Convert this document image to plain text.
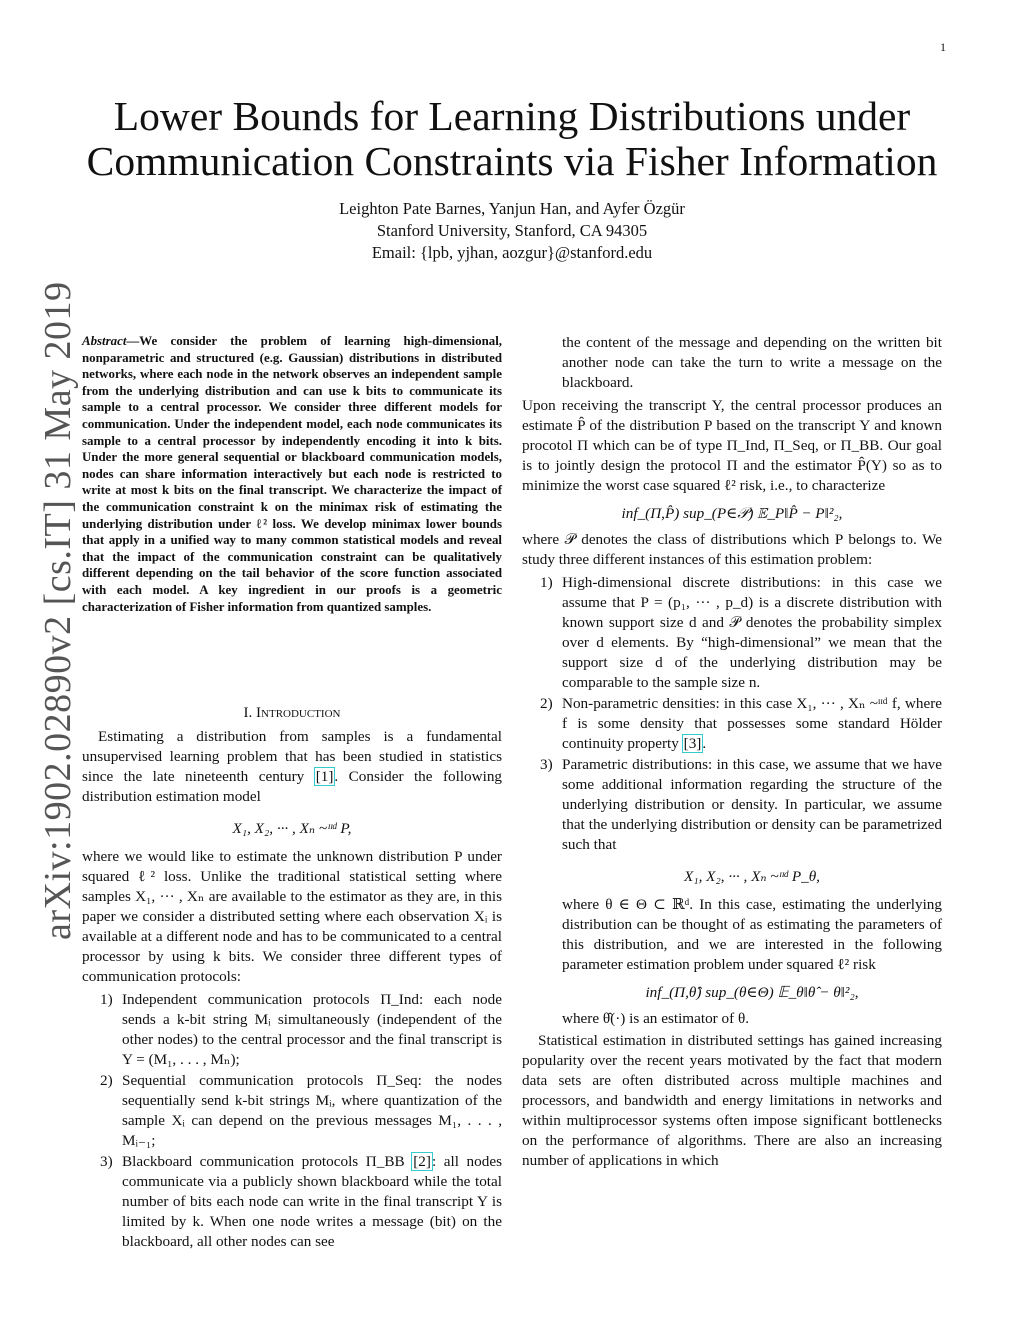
1
arXiv:1902.02890v2 [cs.IT] 31 May 2019
Lower Bounds for Learning Distributions under
Communication Constraints via Fisher Information
Leighton Pate Barnes, Yanjun Han, and Ayfer Özgür
Stanford University, Stanford, CA 94305
Email: {lpb, yjhan, aozgur}@stanford.edu
Abstract—We consider the problem of learning high-dimensional, nonparametric and structured (e.g. Gaussian) distributions in distributed networks, where each node in the network observes an independent sample from the underlying distribution and can use k bits to communicate its sample to a central processor. We consider three different models for communication. Under the independent model, each node communicates its sample to a central processor by independently encoding it into k bits. Under the more general sequential or blackboard communication models, nodes can share information interactively but each node is restricted to write at most k bits on the final transcript. We characterize the impact of the communication constraint k on the minimax risk of estimating the underlying distribution under ℓ² loss. We develop minimax lower bounds that apply in a unified way to many common statistical models and reveal that the impact of the communication constraint can be qualitatively different depending on the tail behavior of the score function associated with each model. A key ingredient in our proofs is a geometric characterization of Fisher information from quantized samples.
I. Introduction

Estimating a distribution from samples is a fundamental unsupervised learning problem that has been studied in statistics since the late nineteenth century [1]. Consider the following distribution estimation model

X₁, X₂, ··· , Xₙ ~ᶦᶦᵈ P,

where we would like to estimate the unknown distribution P under squared ℓ² loss. Unlike the traditional statistical setting where samples X₁, ··· , Xₙ are available to the estimator as they are, in this paper we consider a distributed setting where each observation Xᵢ is available at a different node and has to be communicated to a central processor by using k bits. We consider three different types of communication protocols:

1) Independent communication protocols Π_Ind: each node sends a k-bit string Mᵢ simultaneously (independent of the other nodes) to the central processor and the final transcript is Y = (M₁, . . . , Mₙ);
2) Sequential communication protocols Π_Seq: the nodes sequentially send k-bit strings Mᵢ, where quantization of the sample Xᵢ can depend on the previous messages M₁, . . . , Mᵢ₋₁;
3) Blackboard communication protocols Π_BB [2]: all nodes communicate via a publicly shown blackboard while the total number of bits each node can write in the final transcript Y is limited by k. When one node writes a message (bit) on the blackboard, all other nodes can see

the content of the message and depending on the written bit another node can take the turn to write a message on the blackboard.

Upon receiving the transcript Y, the central processor produces an estimate P̂ of the distribution P based on the transcript Y and known procotol Π which can be of type Π_Ind, Π_Seq, or Π_BB. Our goal is to jointly design the protocol Π and the estimator P̂(Y) so as to minimize the worst case squared ℓ² risk, i.e., to characterize

inf_(Π,P̂) sup_(P∈𝒫) 𝔼_P‖P̂ − P‖²₂,

where 𝒫 denotes the class of distributions which P belongs to. We study three different instances of this estimation problem:

1) High-dimensional discrete distributions: in this case we assume that P = (p₁, ··· , p_d) is a discrete distribution with known support size d and 𝒫 denotes the probability simplex over d elements. By “high-dimensional” we mean that the support size d of the underlying distribution may be comparable to the sample size n.
2) Non-parametric densities: in this case X₁, ··· , Xₙ ~ᶦᶦᵈ f, where f is some density that possesses some standard Hölder continuity property [3].
3) Parametric distributions: in this case, we assume that we have some additional information regarding the structure of the underlying distribution or density. In particular, we assume that the underlying distribution or density can be parametrized such that
X₁, X₂, ··· , Xₙ ~ᶦᶦᵈ P_θ,
where θ ∈ Θ ⊂ ℝᵈ. In this case, estimating the underlying distribution can be thought of as estimating the parameters of this distribution, and we are interested in the following parameter estimation problem under squared ℓ² risk
inf_(Π,θ̂) sup_(θ∈Θ) 𝔼_θ‖θ̂ − θ‖²₂,
where θ̂(·) is an estimator of θ.

Statistical estimation in distributed settings has gained increasing popularity over the recent years motivated by the fact that modern data sets are often distributed across multiple machines and processors, and bandwidth and energy limitations in networks and within multiprocessor systems often impose significant bottlenecks on the performance of algorithms. There are also an increasing number of applications in which
